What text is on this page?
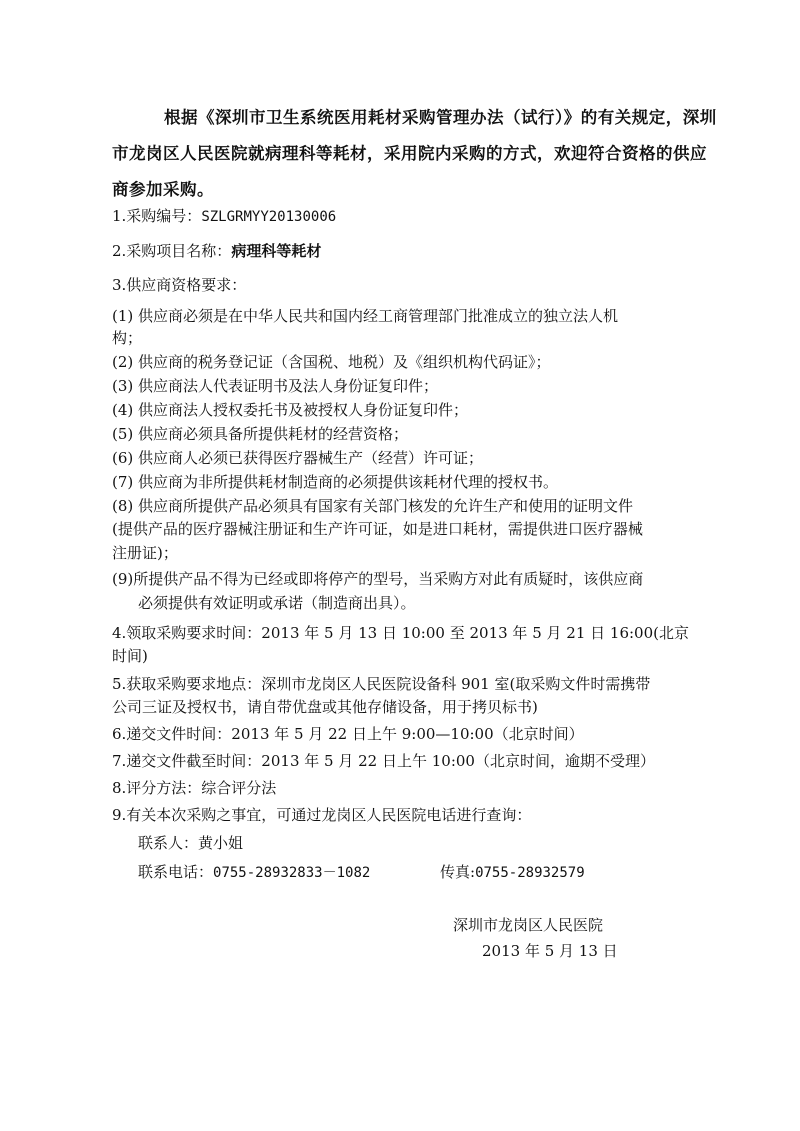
根据《深圳市卫生系统医用耗材采购管理办法（试行）》的有关规定，深圳
市龙岗区人民医院就病理科等耗材，采用院内采购的方式，欢迎符合资格的供应
商参加采购。
1.采购编号：SZLGRMYY20130006
2.采购项目名称：病理科等耗材
3.供应商资格要求：
(1) 供应商必须是在中华人民共和国内经工商管理部门批准成立的独立法人机
构；
(2) 供应商的税务登记证（含国税、地税）及《组织机构代码证》；
(3) 供应商法人代表证明书及法人身份证复印件；
(4) 供应商法人授权委托书及被授权人身份证复印件；
(5) 供应商必须具备所提供耗材的经营资格；
(6) 供应商人必须已获得医疗器械生产（经营）许可证；
(7) 供应商为非所提供耗材制造商的必须提供该耗材代理的授权书。
(8) 供应商所提供产品必须具有国家有关部门核发的允许生产和使用的证明文件
(提供产品的医疗器械注册证和生产许可证，如是进口耗材，需提供进口医疗器械
注册证)；
(9)所提供产品不得为已经或即将停产的型号，当采购方对此有质疑时，该供应商
必须提供有效证明或承诺（制造商出具）。
4.领取采购要求时间：2013 年 5 月 13 日 10:00 至 2013 年 5 月 21 日 16:00(北京
时间)
5.获取采购要求地点：深圳市龙岗区人民医院设备科 901 室(取采购文件时需携带
公司三证及授权书，请自带优盘或其他存储设备，用于拷贝标书)
6.递交文件时间：2013 年 5 月 22 日上午 9:00—10:00（北京时间）
7.递交文件截至时间：2013 年 5 月 22 日上午 10:00（北京时间，逾期不受理）
8.评分方法：综合评分法
9.有关本次采购之事宜，可通过龙岗区人民医院电话进行查询：
联系人：黄小姐
联系电话：0755-28932833－1082	传真:0755-28932579
深圳市龙岗区人民医院
2013 年 5 月 13 日
